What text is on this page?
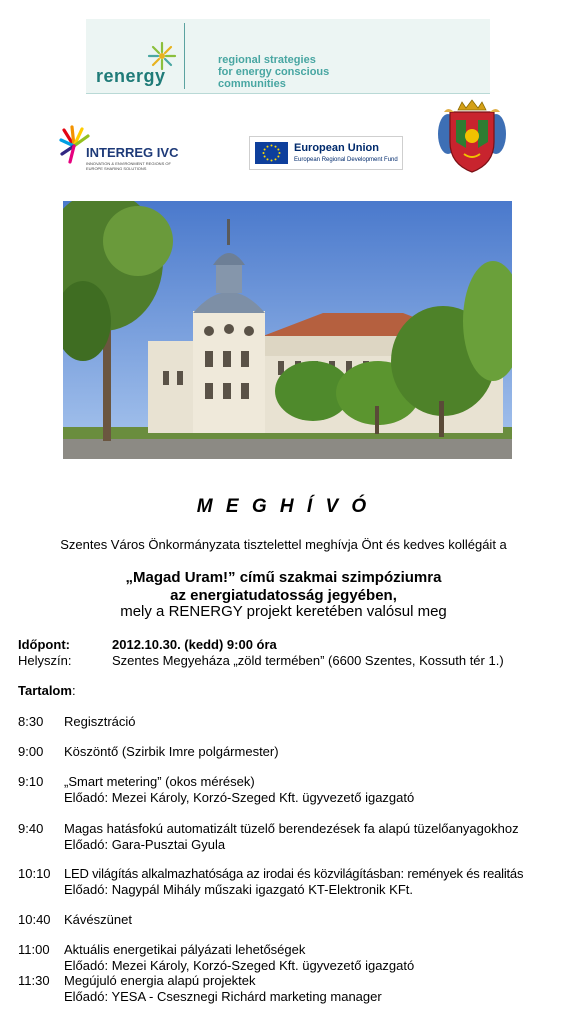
renergy
regional strategies
for energy conscious
communities
INTERREG IVC
INNOVATION & ENVIRONMENT REGIONS OF EUROPE SHARING SOLUTIONS
European Union
European Regional Development Fund
M E G H Í V Ó
Szentes Város Önkormányzata tisztelettel meghívja Önt és kedves kollégáit a
„Magad Uram!” című szakmai szimpóziumra
az energiatudatosság jegyében,
mely a RENERGY projekt keretében valósul meg
Időpont:	2012.10.30. (kedd) 9:00 óra
Helyszín:	Szentes Megyeháza „zöld termében” (6600 Szentes, Kossuth tér 1.)
Tartalom:
8:30 Regisztráció
9:00 Köszöntő (Szirbik Imre polgármester)
9:10 „Smart metering” (okos mérések)
Előadó: Mezei Károly, Korzó-Szeged Kft. ügyvezető igazgató
9:40 Magas hatásfokú automatizált tüzelő berendezések fa alapú tüzelőanyagokhoz
Előadó: Gara-Pusztai Gyula
10:10 LED világítás alkalmazhatósága az irodai és közvilágításban: remények és realitás
Előadó: Nagypál Mihály műszaki igazgató KT-Elektronik KFt.
10:40 Kávészünet
11:00 Aktuális energetikai pályázati lehetőségek
Előadó: Mezei Károly, Korzó-Szeged Kft. ügyvezető igazgató
11:30 Megújuló energia alapú projektek
Előadó: YESA - Csesznegi Richárd marketing manager
